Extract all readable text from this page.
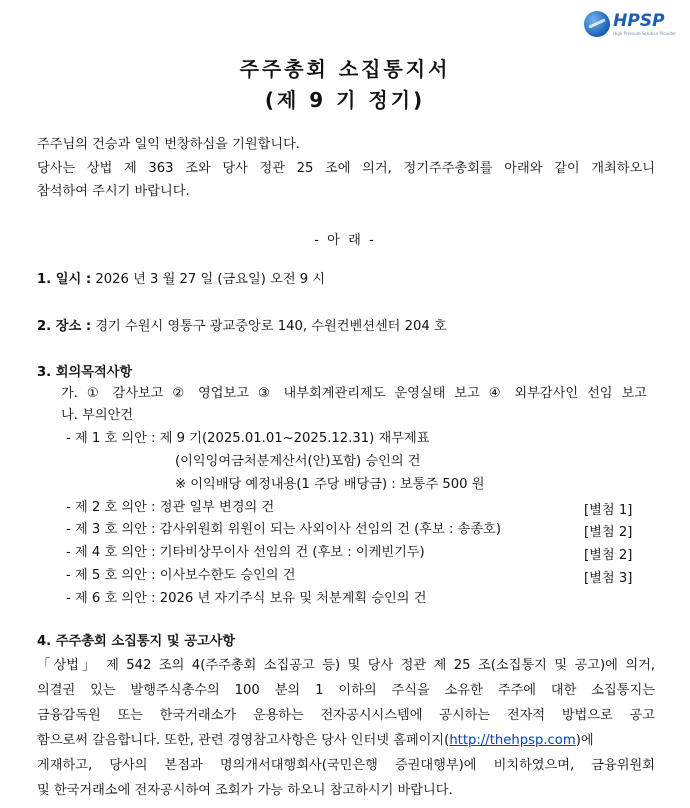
HPSP
High Pressure Solution Provider
주주총회 소집통지서
(제 9 기 정기)
주주님의 건승과 일익 번창하심을 기원합니다.
당사는 상법 제 363 조와 당사 정관 25 조에 의거, 정기주주총회를 아래와 같이 개최하오니
참석하여 주시기 바랍니다.
- 아 래 -
1. 일시 : 2026 년 3 월 27 일 (금요일) 오전 9 시
2. 장소 : 경기 수원시 영통구 광교중앙로 140, 수원컨벤션센터 204 호
3. 회의목적사항
가. ① 감사보고 ② 영업보고 ③ 내부회계관리제도 운영실태 보고 ④ 외부감사인 선임 보고
나. 부의안건
- 제 1 호 의안 : 제 9 기(2025.01.01~2025.12.31) 재무제표
(이익잉여금처분계산서(안)포함) 승인의 건
※ 이익배당 예정내용(1 주당 배당금) : 보통주 500 원
- 제 2 호 의안 : 정관 일부 변경의 건	[별첨 1]
- 제 3 호 의안 : 감사위원회 위원이 되는 사외이사 선임의 건 (후보 : 송종호)	[별첨 2]
- 제 4 호 의안 : 기타비상무이사 선임의 건 (후보 : 이케빈기두)	[별첨 2]
- 제 5 호 의안 : 이사보수한도 승인의 건	[별첨 3]
- 제 6 호 의안 : 2026 년 자기주식 보유 및 처분계획 승인의 건
4. 주주총회 소집통지 및 공고사항
「상법」 제 542 조의 4(주주총회 소집공고 등) 및 당사 정관 제 25 조(소집통지 및 공고)에 의거,
의결권 있는 발행주식총수의 100 분의 1 이하의 주식을 소유한 주주에 대한 소집통지는
금융감독원 또는 한국거래소가 운용하는 전자공시시스템에 공시하는 전자적 방법으로 공고
함으로써 갈음합니다. 또한, 관련 경영참고사항은 당사 인터넷 홈페이지(http://thehpsp.com)에
게재하고, 당사의 본점과 명의개서대행회사(국민은행 증권대행부)에 비치하였으며, 금융위원회
및 한국거래소에 전자공시하여 조회가 가능 하오니 참고하시기 바랍니다.
